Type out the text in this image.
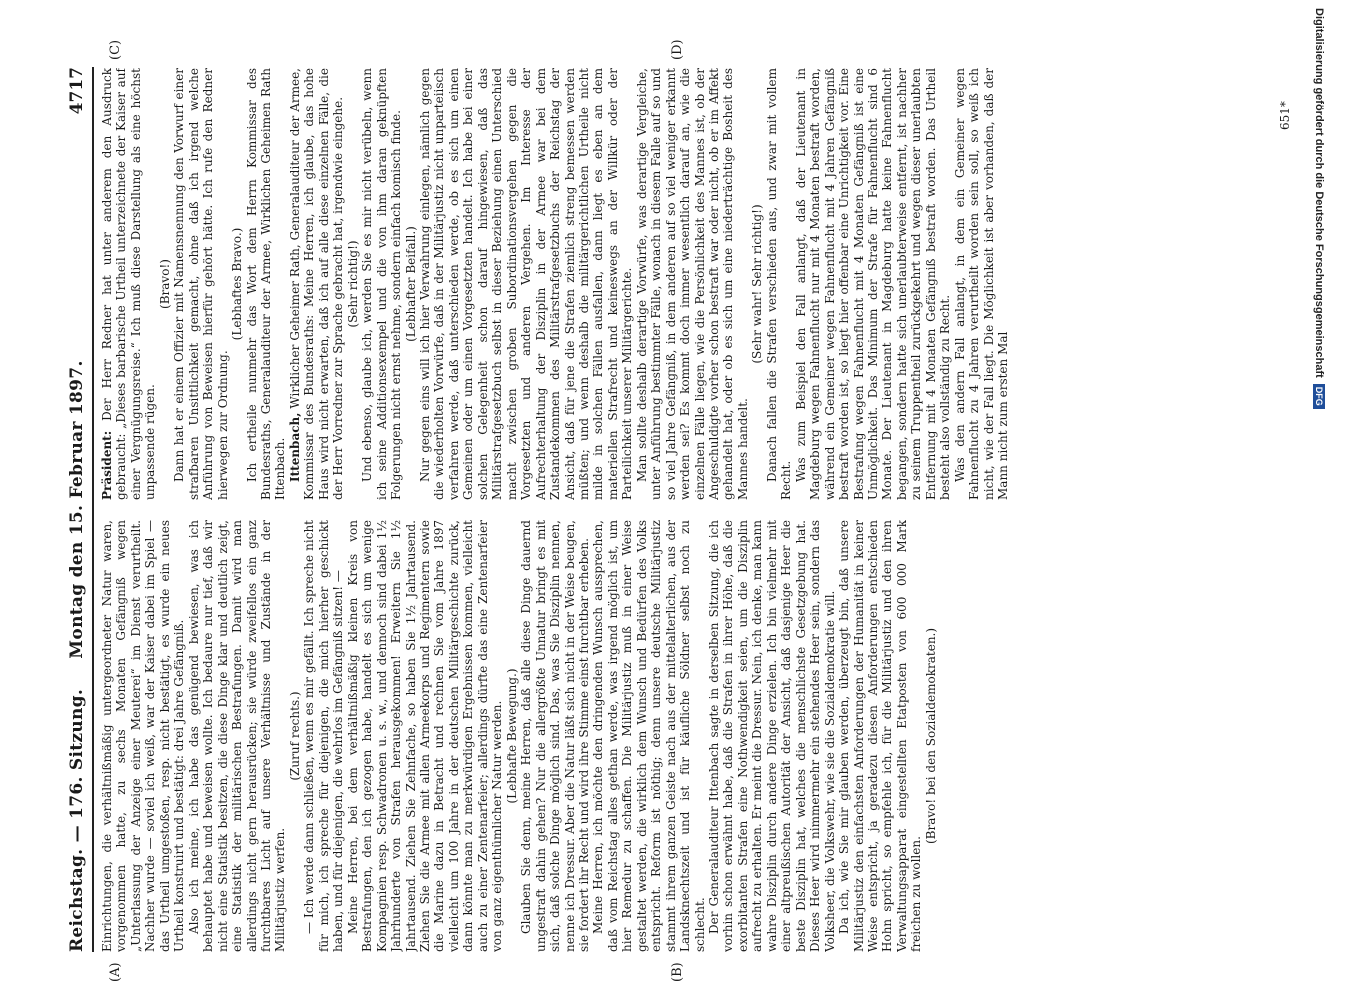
Reichstag. — 176. Sitzung.
Montag den 15. Februar 1897.
4717
(A)	(B)
(C)	(D)

Einrichtungen, die verhältnißmäßig untergeordneter Natur waren, vorgenommen hatte, zu sechs Monaten Gefängniß wegen „Unterlassung der Anzeige einer Meuterei“ im Dienst verurtheilt. Nachher wurde — soviel ich weiß, war der Kaiser dabei im Spiel — das Urtheil umgestoßen, resp. nicht bestätigt, es wurde ein neues Urtheil konstruirt und bestätigt: drei Jahre Gefängniß. Also ich meine, ich habe das genügend bewiesen, was ich behauptet habe und beweisen wollte. Ich bedaure nur tief, daß wir nicht eine Statistik besitzen, die diese Dinge klar und deutlich zeigt, eine Statistik der militärischen Bestrafungen. Damit wird man allerdings nicht gern herausrücken; sie würde zweifellos ein ganz furchtbares Licht auf unsere Verhältnisse und Zustände in der Militärjustiz werfen.

(Zuruf rechts.) — Ich werde dann schließen, wenn es mir gefällt. Ich spreche nicht für mich, ich spreche für diejenigen, die mich hierher geschickt haben, und für diejenigen, die wehrlos im Gefängniß sitzen! — Meine Herren, bei dem verhältnißmäßig kleinen Kreis von Bestrafungen, den ich gezogen habe, handelt es sich um wenige Kompagnien resp. Schwadronen u. s. w., und dennoch sind dabei 1½ Jahrhunderte von Strafen herausgekommen! Erweitern Sie 1½ Jahrtausend. Ziehen Sie Zehnfache, so haben Sie 1½ Jahrtausend. Ziehen Sie die Armee mit allen Armeekorps und Regimentern sowie die Marine dazu in Betracht und rechnen Sie vom Jahre 1897 vielleicht um 100 Jahre in der deutschen Militärgeschichte zurück, dann könnte man zu merkwürdigen Ergebnissen kommen, vielleicht auch zu einer Zentenarfeier; allerdings dürfte das eine Zentenarfeier von ganz eigenthümlicher Natur werden. (Lebhafte Bewegung.) Glauben Sie denn, meine Herren, daß alle diese Dinge dauernd ungestraft dahin gehen? Nur die allergrößte Unnatur bringt es mit sich, daß solche Dinge möglich sind. Das, was Sie Disziplin nennen, nenne ich Dressur. Aber die Natur läßt sich nicht in der Weise beugen, sie fordert ihr Recht und wird ihre Stimme einst furchtbar erheben. Meine Herren, ich möchte den dringenden Wunsch aussprechen, daß vom Reichstag alles gethan werde, was irgend möglich ist, um hier Remedur zu schaffen. Die Militärjustiz muß in einer Weise gestaltet werden, die wirklich dem Wunsch und Bedürfen des Volks entspricht. Reform ist nöthig; denn unsere deutsche Militärjustiz stammt ihrem ganzen Geiste nach aus der mittelalterlichen, aus der Landsknechtszeit und ist für käufliche Söldner selbst noch zu schlecht. Der Generalauditeur Ittenbach sagte in derselben Sitzung, die ich vorhin schon erwähnt habe, daß die Strafen in ihrer Höhe, daß die exorbitanten Strafen eine Nothwendigkeit seien, um die Disziplin aufrecht zu erhalten. Er meint die Dressur. Nein, ich denke, man kann wahre Disziplin durch andere Dinge erzielen. Ich bin vielmehr mit einer altpreußischen Autorität der Ansicht, daß dasjenige Heer die beste Disziplin hat, welches die menschlichste Gesetzgebung hat. Dieses Heer wird nimmermehr ein stehendes Heer sein, sondern das Volksheer, die Volkswehr, wie sie die Sozialdemokratie will. Da ich, wie Sie mir glauben werden, überzeugt bin, daß unsere Militärjustiz den einfachsten Anforderungen der Humanität in keiner Weise entspricht, ja geradezu diesen Anforderungen entschieden Hohn spricht, so empfehle ich, für die Militärjustiz und den ihren Verwaltungsapparat eingestellten Etatposten von 600 000 Mark freichen zu wollen.

(Bravo! bei den Sozialdemokraten.)

Präsident: Der Herr Redner hat unter anderem den Ausdruck gebraucht: „Dieses barbarische Urtheil unterzeichnete der Kaiser auf einer Vergnügungsreise.“ Ich muß diese Darstellung als eine höchst unpassende rügen.

(Bravo!) Dann hat er einem Offizier mit Namensnennung den Vorwurf einer strafbaren Unsittlichkeit gemacht, ohne daß ich irgend welche Anführung von Beweisen hierfür gehört hätte. Ich rufe den Redner hierwegen zur Ordnung.

(Lebhaftes Bravo.) Ich ertheile nunmehr das Wort dem Herrn Kommissar des Bundesraths, Generalauditeur der Armee, Wirklichen Geheimen Rath Ittenbach. Ittenbach, Wirklicher Geheimer Rath, Generalauditeur der Armee, Kommissar des Bundesraths: Meine Herren, ich glaube, das hohe Haus wird nicht erwarten, daß ich auf alle diese einzelnen Fälle, die der Herr Vorredner zur Sprache gebracht hat, irgendwie eingehe. (Sehr richtig!) Und ebenso, glaube ich, werden Sie es mir nicht verübeln, wenn ich seine Additionsexempel und die von ihm daran geknüpften Folgerungen nicht ernst nehme, sondern einfach komisch finde. (Lebhafter Beifall.) Nur gegen eins will ich hier Verwahrung einlegen, nämlich gegen die wiederholten Vorwürfe, daß in der Militärjustiz nicht unparteiisch verfahren werde, daß unterschieden werde, ob es sich um einen Gemeinen oder um einen Vorgesetzten handelt. Ich habe bei einer solchen Gelegenheit schon darauf hingewiesen, daß das Militärstrafgesetzbuch selbst in dieser Beziehung einen Unterschied macht zwischen groben Subordinationsvergehen gegen die Vorgesetzten und anderen Vergehen. Im Interesse der Aufrechterhaltung der Disziplin in der Armee war bei dem Zustandekommen des Militärstrafgesetzbuchs der Reichstag der Ansicht, daß für jene die Strafen ziemlich streng bemessen werden müßten; und wenn deshalb die militärgerichtlichen Urtheile nicht milde in solchen Fällen ausfallen, dann liegt es eben an dem materiellen Strafrecht und keineswegs an der Willkür oder der Parteilichkeit unserer Militärgerichte. Man sollte deshalb derartige Vorwürfe, was derartige Vergleiche, unter Anführung bestimmter Fälle, wonach in diesem Falle auf so und so viel Jahre Gefängniß, in dem anderen auf so viel weniger erkannt werden sei? Es kommt doch immer wesentlich darauf an, wie die einzelnen Fälle liegen, wie die Persönlichkeit des Mannes ist, ob der Angeschuldigte vorher schon bestraft war oder nicht, ob er im Affekt gehandelt hat, oder ob es sich um eine niederträchtige Bosheit des Mannes handelt.

(Sehr wahr! Sehr richtig!) Danach fallen die Strafen verschieden aus, und zwar mit vollem Recht. Was zum Beispiel den Fall anlangt, daß der Lieutenant in Magdeburg wegen Fahnenflucht nur mit 4 Monaten bestraft worden, während ein Gemeiner wegen Fahnenflucht mit 4 Jahren Gefängniß bestraft worden ist, so liegt hier offenbar eine Unrichtigkeit vor. Eine Bestrafung wegen Fahnenflucht mit 4 Monaten Gefängniß ist eine Unmöglichkeit. Das Minimum der Strafe für Fahnenflucht sind 6 Monate. Der Lieutenant in Magdeburg hatte keine Fahnenflucht begangen, sondern hatte sich unerlaubterweise entfernt, ist nachher zu seinem Truppentheil zurückgekehrt und wegen dieser unerlaubten Entfernung mit 4 Monaten Gefängniß bestraft worden. Das Urtheil besteht also vollständig zu Recht. Was den andern Fall anlangt, in dem ein Gemeiner wegen Fahnenflucht zu 4 Jahren verurtheilt worden sein soll, so weiß ich nicht, wie der Fall liegt. Die Möglichkeit ist aber vorhanden, daß der Mann nicht zum ersten Mal

651* Digitalisierung gefördert durch die Deutsche Forschungsgemeinschaft
DFG
